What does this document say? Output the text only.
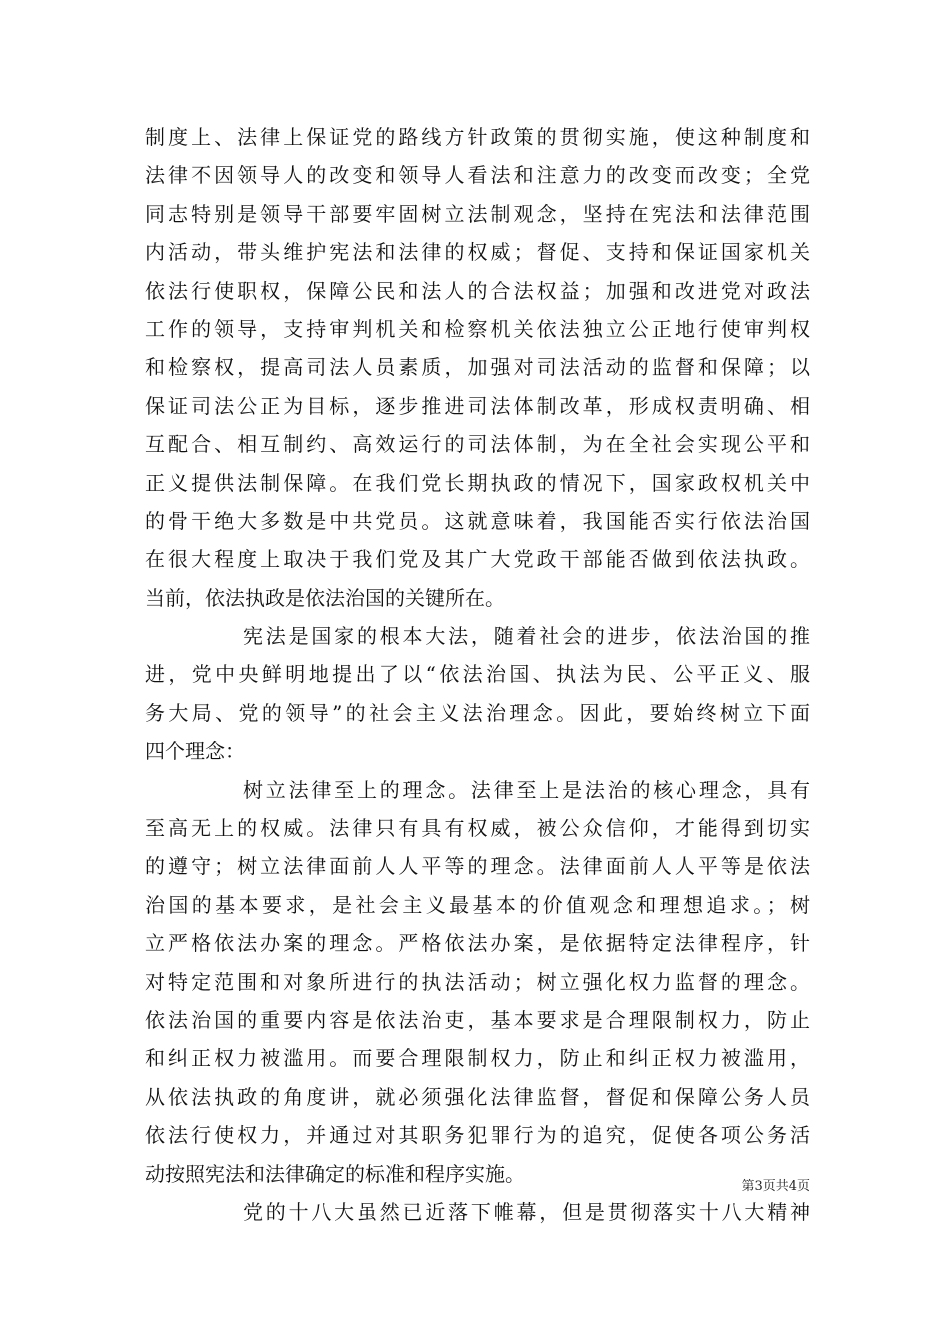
制度上、法律上保证党的路线方针政策的贯彻实施，使这种制度和
法律不因领导人的改变和领导人看法和注意力的改变而改变；全党
同志特别是领导干部要牢固树立法制观念，坚持在宪法和法律范围
内活动，带头维护宪法和法律的权威；督促、支持和保证国家机关
依法行使职权，保障公民和法人的合法权益；加强和改进党对政法
工作的领导，支持审判机关和检察机关依法独立公正地行使审判权
和检察权，提高司法人员素质，加强对司法活动的监督和保障；以
保证司法公正为目标，逐步推进司法体制改革，形成权责明确、相
互配合、相互制约、高效运行的司法体制，为在全社会实现公平和
正义提供法制保障。在我们党长期执政的情况下，国家政权机关中
的骨干绝大多数是中共党员。这就意味着，我国能否实行依法治国
在很大程度上取决于我们党及其广大党政干部能否做到依法执政。
当前，依法执政是依法治国的关键所在。
宪法是国家的根本大法，随着社会的进步，依法治国的推
进，党中央鲜明地提出了以“依法治国、执法为民、公平正义、服
务大局、党的领导”的社会主义法治理念。因此，要始终树立下面
四个理念：
树立法律至上的理念。法律至上是法治的核心理念，具有
至高无上的权威。法律只有具有权威，被公众信仰，才能得到切实
的遵守；树立法律面前人人平等的理念。法律面前人人平等是依法
治国的基本要求，是社会主义最基本的价值观念和理想追求。；树
立严格依法办案的理念。严格依法办案，是依据特定法律程序，针
对特定范围和对象所进行的执法活动；树立强化权力监督的理念。
依法治国的重要内容是依法治吏，基本要求是合理限制权力，防止
和纠正权力被滥用。而要合理限制权力，防止和纠正权力被滥用，
从依法执政的角度讲，就必须强化法律监督，督促和保障公务人员
依法行使权力，并通过对其职务犯罪行为的追究，促使各项公务活
动按照宪法和法律确定的标准和程序实施。
党的十八大虽然已近落下帷幕，但是贯彻落实十八大精神
第3页共4页
